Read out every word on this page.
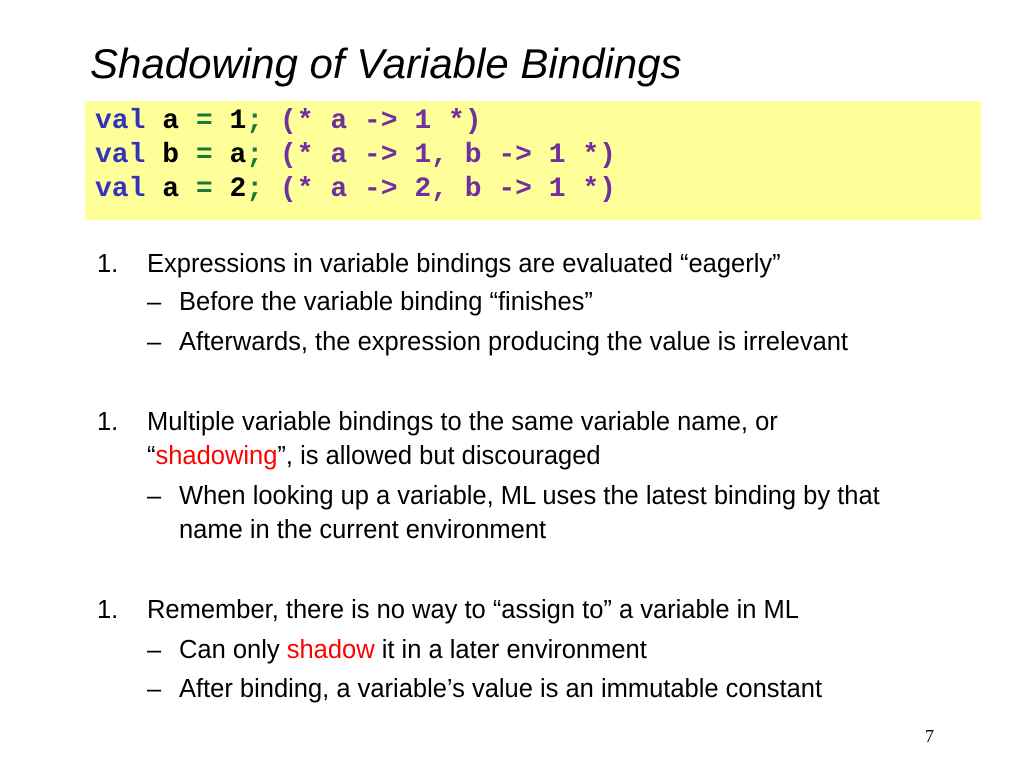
Shadowing of Variable Bindings
val a = 1; (* a -> 1 *)
val b = a; (* a -> 1, b -> 1 *)
val a = 2; (* a -> 2, b -> 1 *)
1. Expressions in variable bindings are evaluated “eagerly”
– Before the variable binding “finishes”
– Afterwards, the expression producing the value is irrelevant
1. Multiple variable bindings to the same variable name, or
“shadowing”, is allowed but discouraged
– When looking up a variable, ML uses the latest binding by that
name in the current environment
1. Remember, there is no way to “assign to” a variable in ML
– Can only shadow it in a later environment
– After binding, a variable’s value is an immutable constant
7
